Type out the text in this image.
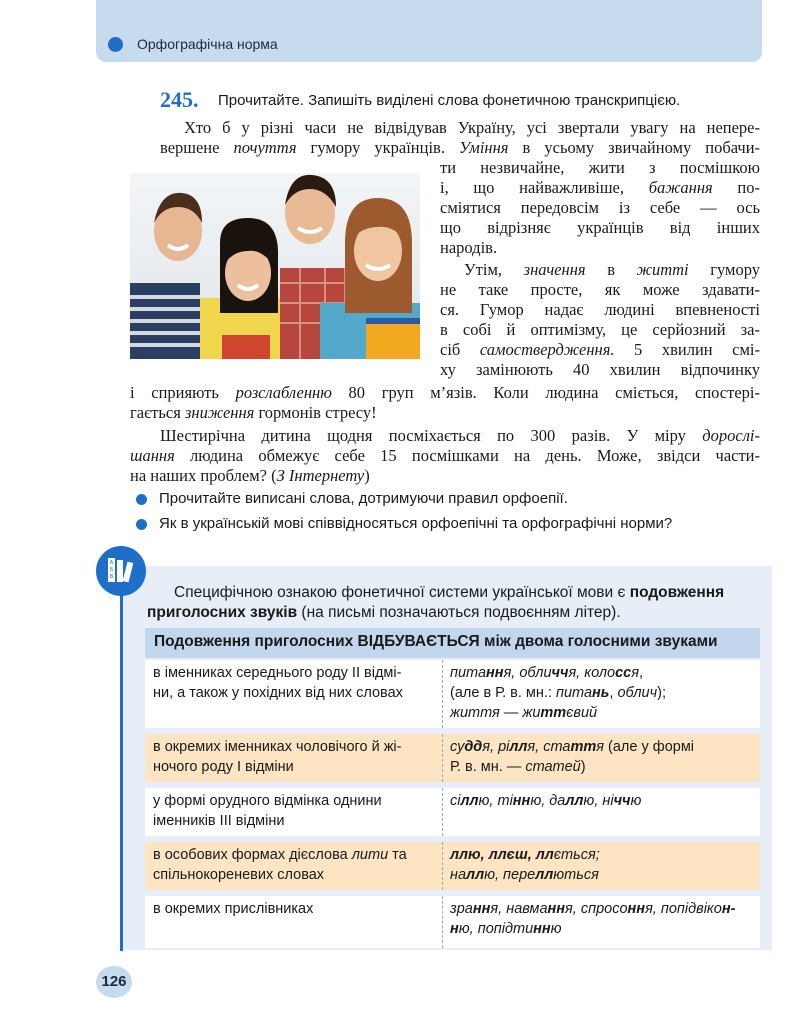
Орфографічна норма
245. Прочитайте. Запишіть виділені слова фонетичною транскрипцією.
Хто б у різні часи не відвідував Україну, усі звертали увагу на непере-
вершене почуття гумору українців. Уміння в усьому звичайному побачи-
ти незвичайне, жити з посмішкою
і, що найважливіше, бажання по-
сміятися передовсім із себе — ось
що відрізняє українців від інших
народів.
Утім, значення в житті гумору
не таке просте, як може здавати-
ся. Гумор надає людині впевненості
в собі й оптимізму, це серйозний за-
сіб самоствердження. 5 хвилин смі-
ху замінюють 40 хвилин відпочинку
і сприяють розслабленню 80 груп м’язів. Коли людина сміється, спостері-
гається зниження гормонів стресу!
Шестирічна дитина щодня посміхається по 300 разів. У міру дорослі-
шання людина обмежує себе 15 посмішками на день. Може, звідси части-
на наших проблем? (З Інтернету)
Прочитайте виписані слова, дотримуючи правил орфоепії.
Як в українській мові співвідносяться орфоепічні та орфографічні норми?
А
Б
В
Специфічною ознакою фонетичної системи української мови є подовження
приголосних звуків (на письмі позначаються подвоєнням літер).
Подовження приголосних ВІДБУВАЄТЬСЯ між двома голосними звуками
в іменниках середнього роду ІІ відмі-
ни, а також у похідних від них словах
питання, обличчя, колосся,
(але в Р. в. мн.: питань, облич);
життя — життєвий
в окремих іменниках чоловічого й жі-
ночого роду І відміни
суддя, рілля, стаття (але у формі
Р. в. мн. — статей)
у формі орудного відмінка однини
іменників ІІІ відміни
сіллю, тінню, даллю, ніччю
в особових формах дієслова лити та
спільнокореневих словах
ллю, ллєш, ллється;
наллю, переллються
в окремих прислівниках	зрання, навмання, спросоння, попідвікон-
ню, попідтинню
126
